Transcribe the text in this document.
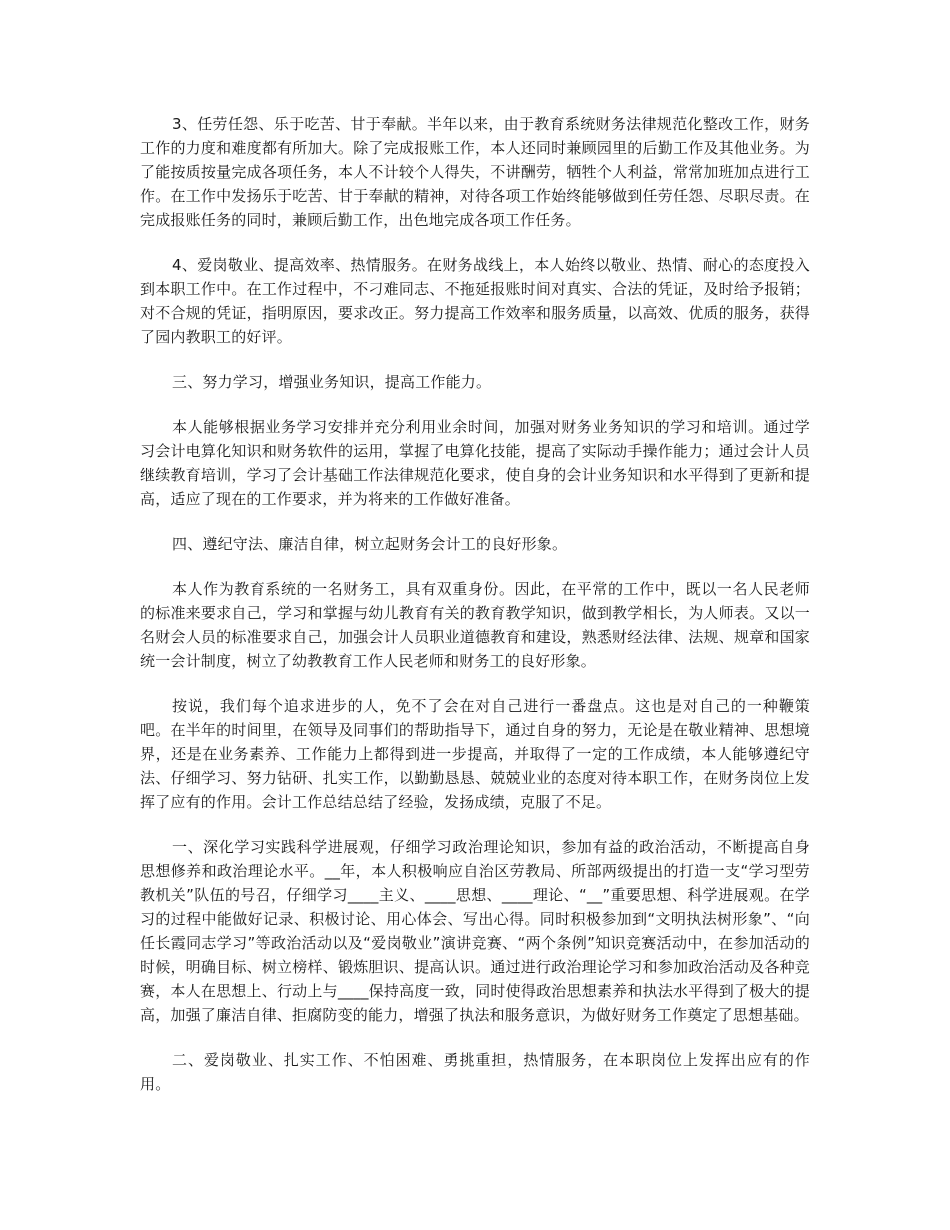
3、任劳任怨、乐于吃苦、甘于奉献。半年以来，由于教育系统财务法律规范化整改工作，财务工作的力度和难度都有所加大。除了完成报账工作，本人还同时兼顾园里的后勤工作及其他业务。为了能按质按量完成各项任务，本人不计较个人得失，不讲酬劳，牺牲个人利益，常常加班加点进行工作。在工作中发扬乐于吃苦、甘于奉献的精神，对待各项工作始终能够做到任劳任怨、尽职尽责。在完成报账任务的同时，兼顾后勤工作，出色地完成各项工作任务。

4、爱岗敬业、提高效率、热情服务。在财务战线上，本人始终以敬业、热情、耐心的态度投入到本职工作中。在工作过程中，不刁难同志、不拖延报账时间对真实、合法的凭证，及时给予报销；对不合规的凭证，指明原因，要求改正。努力提高工作效率和服务质量，以高效、优质的服务，获得了园内教职工的好评。

三、努力学习，增强业务知识，提高工作能力。

本人能够根据业务学习安排并充分利用业余时间，加强对财务业务知识的学习和培训。通过学习会计电算化知识和财务软件的运用，掌握了电算化技能，提高了实际动手操作能力；通过会计人员继续教育培训，学习了会计基础工作法律规范化要求，使自身的会计业务知识和水平得到了更新和提高，适应了现在的工作要求，并为将来的工作做好准备。

四、遵纪守法、廉洁自律，树立起财务会计工的良好形象。

本人作为教育系统的一名财务工，具有双重身份。因此，在平常的工作中，既以一名人民老师的标准来要求自己，学习和掌握与幼儿教育有关的教育教学知识，做到教学相长，为人师表。又以一名财会人员的标准要求自己，加强会计人员职业道德教育和建设，熟悉财经法律、法规、规章和国家统一会计制度，树立了幼教教育工作人民老师和财务工的良好形象。

按说，我们每个追求进步的人，免不了会在对自己进行一番盘点。这也是对自己的一种鞭策吧。在半年的时间里，在领导及同事们的帮助指导下，通过自身的努力，无论是在敬业精神、思想境界，还是在业务素养、工作能力上都得到进一步提高，并取得了一定的工作成绩，本人能够遵纪守法、仔细学习、努力钻研、扎实工作，以勤勤恳恳、兢兢业业的态度对待本职工作，在财务岗位上发挥了应有的作用。会计工作总结总结了经验，发扬成绩，克服了不足。

一、深化学习实践科学进展观，仔细学习政治理论知识，参加有益的政治活动，不断提高自身思想修养和政治理论水平。__年，本人积极响应自治区劳教局、所部两级提出的打造一支“学习型劳教机关”队伍的号召，仔细学习____主义、____思想、____理论、“__”重要思想、科学进展观。在学习的过程中能做好记录、积极讨论、用心体会、写出心得。同时积极参加到“文明执法树形象”、“向任长霞同志学习”等政治活动以及“爱岗敬业”演讲竞赛、“两个条例”知识竞赛活动中，在参加活动的时候，明确目标、树立榜样、锻炼胆识、提高认识。通过进行政治理论学习和参加政治活动及各种竞赛，本人在思想上、行动上与____保持高度一致，同时使得政治思想素养和执法水平得到了极大的提高，加强了廉洁自律、拒腐防变的能力，增强了执法和服务意识，为做好财务工作奠定了思想基础。

二、爱岗敬业、扎实工作、不怕困难、勇挑重担，热情服务，在本职岗位上发挥出应有的作用。
